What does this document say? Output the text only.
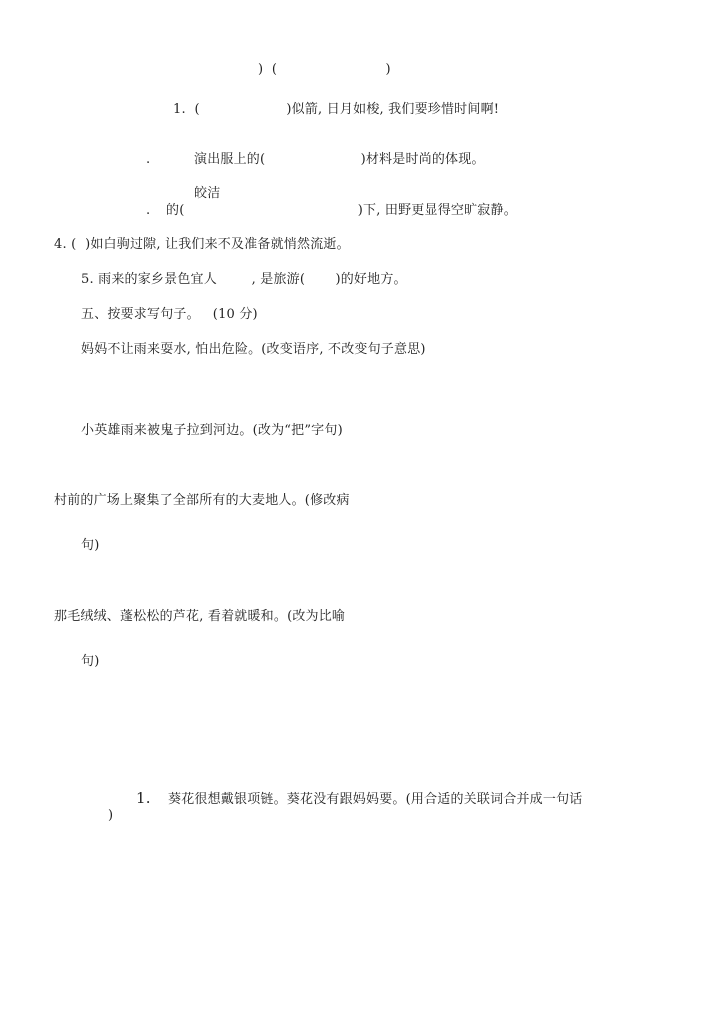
)  (                         )
1.  (                    )似箭, 日月如梭, 我们要珍惜时间啊!
.	演出服上的(                      )材料是时尚的体现。
皎洁
. 的(                                        )下, 田野更显得空旷寂静。
4. (  )如白驹过隙, 让我们来不及准备就悄然流逝。
5. 雨来的家乡景色宜人        , 是旅游(       )的好地方。
五、按要求写句子。   (10 分)
妈妈不让雨来耍水, 怕出危险。(改变语序, 不改变句子意思)
小英雄雨来被鬼子拉到河边。(改为“把”字句)
村前的广场上聚集了全部所有的大麦地人。(修改病
句)
那毛绒绒、蓬松松的芦花, 看着就暖和。(改为比喻
句)
1. 葵花很想戴银项链。葵花没有跟妈妈要。(用合适的关联词合并成一句话
)
